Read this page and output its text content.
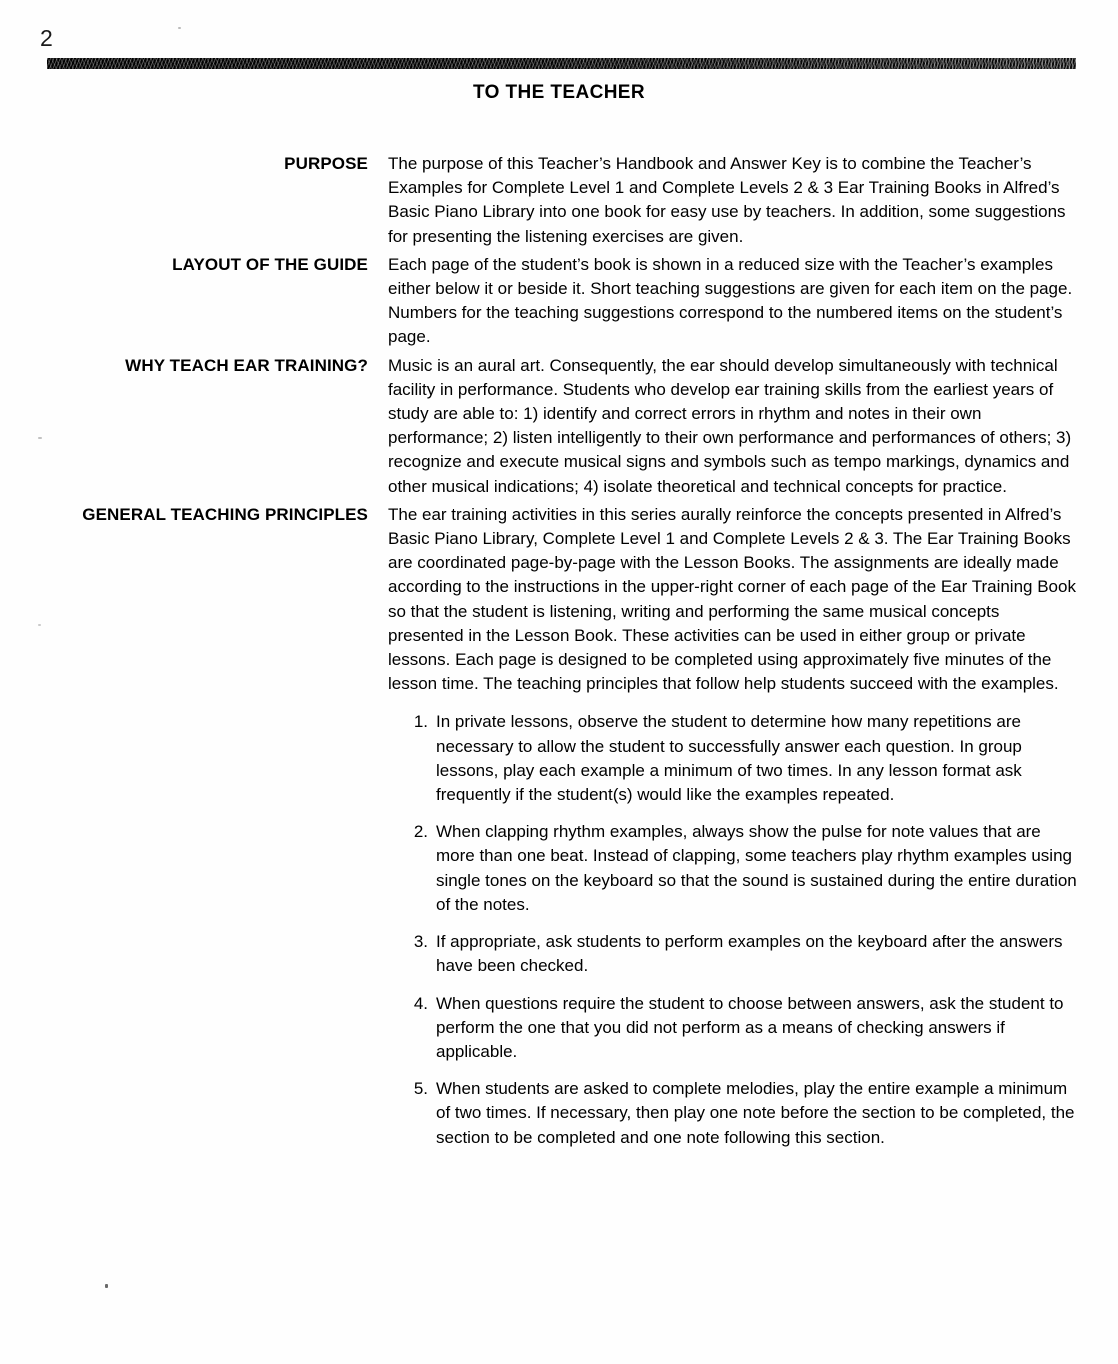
2
TO THE TEACHER
PURPOSE The purpose of this Teacher’s Handbook and Answer Key is to combine the Teacher’s Examples for Complete Level 1 and Complete Levels 2 & 3 Ear Training Books in Alfred’s Basic Piano Library into one book for easy use by teachers. In addition, some suggestions for presenting the listening exercises are given.

LAYOUT OF THE GUIDE Each page of the student’s book is shown in a reduced size with the Teacher’s examples either below it or beside it. Short teaching suggestions are given for each item on the page. Numbers for the teaching suggestions correspond to the numbered items on the student’s page.

WHY TEACH EAR TRAINING? Music is an aural art. Consequently, the ear should develop simultaneously with technical facility in performance. Students who develop ear training skills from the earliest years of study are able to: 1) identify and correct errors in rhythm and notes in their own performance; 2) listen intelligently to their own performance and performances of others; 3) recognize and execute musical signs and symbols such as tempo markings, dynamics and other musical indications; 4) isolate theoretical and technical concepts for practice.

GENERAL TEACHING PRINCIPLES The ear training activities in this series aurally reinforce the concepts presented in Alfred’s Basic Piano Library, Complete Level 1 and Complete Levels 2 & 3. The Ear Training Books are coordinated page-by-page with the Lesson Books. The assignments are ideally made according to the instructions in the upper-right corner of each page of the Ear Training Book so that the student is listening, writing and performing the same musical concepts presented in the Lesson Book. These activities can be used in either group or private lessons. Each page is designed to be completed using approximately five minutes of the lesson time. The teaching principles that follow help students succeed with the examples.

1. In private lessons, observe the student to determine how many repetitions are necessary to allow the student to successfully answer each question. In group lessons, play each example a minimum of two times. In any lesson format ask frequently if the student(s) would like the examples repeated.
2. When clapping rhythm examples, always show the pulse for note values that are more than one beat. Instead of clapping, some teachers play rhythm examples using single tones on the keyboard so that the sound is sustained during the entire duration of the notes.
3. If appropriate, ask students to perform examples on the keyboard after the answers have been checked.
4. When questions require the student to choose between answers, ask the student to perform the one that you did not perform as a means of checking answers if applicable.
5. When students are asked to complete melodies, play the entire example a minimum of two times. If necessary, then play one note before the section to be completed, the section to be completed and one note following this section.
